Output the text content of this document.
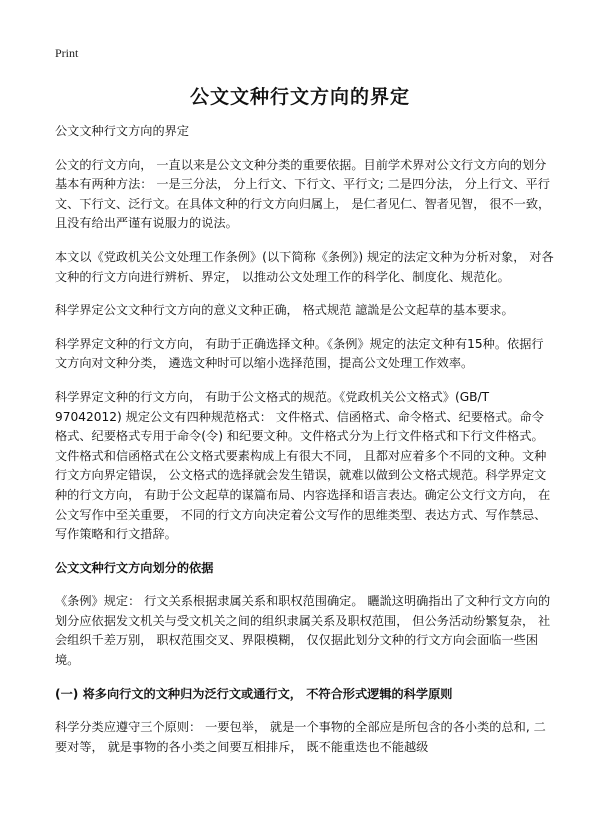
Print
公文文种行文方向的界定

公文文种行文方向的界定

公文的行文方向， 一直以来是公文文种分类的重要依据。目前学术界对公文行文方向的划分基本有两种方法： 一是三分法， 分上行文、下行文、平行文; 二是四分法， 分上行文、平行文、下行文、泛行文。在具体文种的行文方向归属上， 是仁者见仁、智者见智， 很不一致， 且没有给出严谨有说服力的说法。

本文以《党政机关公文处理工作条例》(以下简称《条例》) 规定的法定文种为分析对象， 对各文种的行文方向进行辨析、界定， 以推动公文处理工作的科学化、制度化、规范化。

科学界定公文文种行文方向的意义文种正确， 格式规范 譩詤是公文起草的基本要求。

科学界定文种的行文方向， 有助于正确选择文种。《条例》规定的法定文种有15种。依据行文方向对文种分类， 遴选文种时可以缩小选择范围，提高公文处理工作效率。

科学界定文种的行文方向， 有助于公文格式的规范。《党政机关公文格式》(GB/T 97042012) 规定公文有四种规范格式： 文件格式、信函格式、命令格式、纪要格式。命令格式、纪要格式专用于命令(令) 和纪要文种。文件格式分为上行文件格式和下行文件格式。文件格式和信函格式在公文格式要素构成上有很大不同， 且都对应着多个不同的文种。文种行文方向界定错误， 公文格式的选择就会发生错误，就难以做到公文格式规范。科学界定文种的行文方向， 有助于公文起草的谋篇布局、内容选择和语言表达。确定公文行文方向， 在公文写作中至关重要， 不同的行文方向决定着公文写作的思维类型、表达方式、写作禁忌、写作策略和行文措辞。

公文文种行文方向划分的依据

《条例》规定： 行文关系根据隶属关系和职权范围确定。 矖詤这明确指出了文种行文方向的划分应依据发文机关与受文机关之间的组织隶属关系及职权范围， 但公务活动纷繁复杂， 社会组织千差万别， 职权范围交叉、界限模糊， 仅仅据此划分文种的行文方向会面临一些困境。

(一) 将多向行文的文种归为泛行文或通行文， 不符合形式逻辑的科学原则

科学分类应遵守三个原则： 一要包举， 就是一个事物的全部应是所包含的各小类的总和, 二要对等， 就是事物的各小类之间要互相排斥， 既不能重迭也不能越级
